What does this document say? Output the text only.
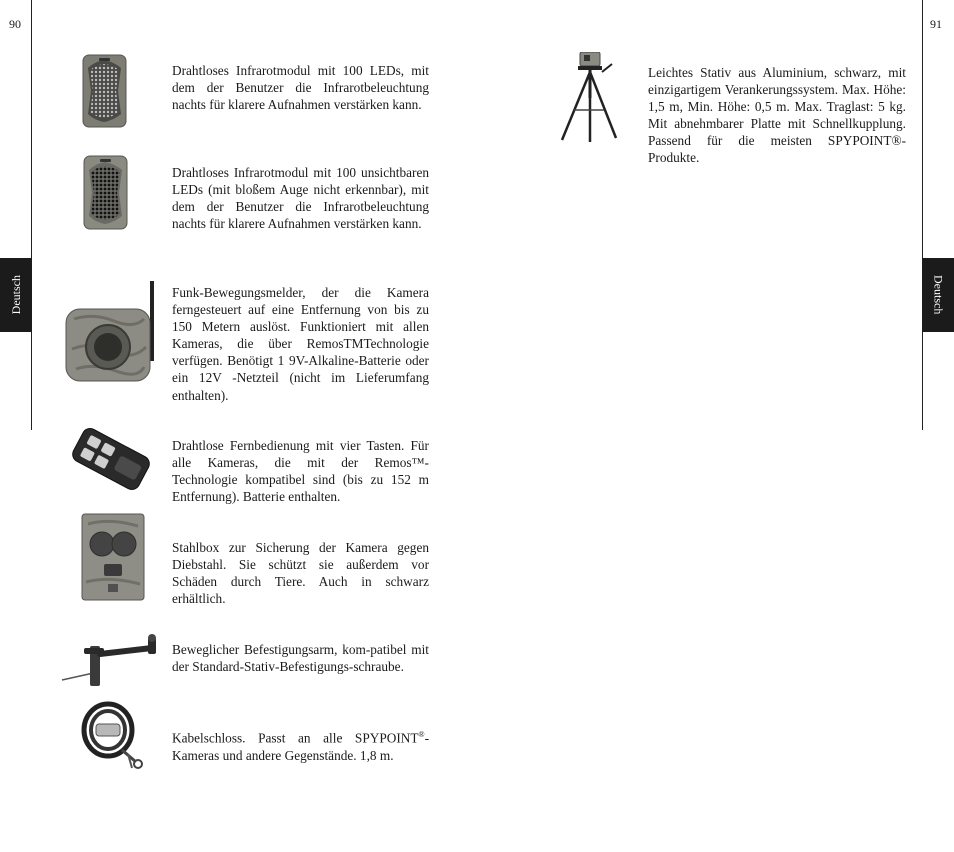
90	91
Deutsch	Deutsch

Drahtloses Infrarotmodul mit 100 LEDs, mit dem der Benutzer die Infrarotbeleuchtung nachts für klarere Aufnahmen verstärken kann.

Drahtloses Infrarotmodul mit 100 unsichtbaren LEDs (mit bloßem Auge nicht erkennbar), mit dem der Benutzer die Infrarotbeleuchtung nachts für klarere Aufnahmen verstärken kann.

Funk-Bewegungsmelder, der die Kamera ferngesteuert auf eine Entfernung von bis zu 150 Metern auslöst. Funktioniert mit allen Kameras, die über RemosTMTechnologie verfügen. Benötigt 1 9V-Alkaline-Batterie oder ein 12V -Netzteil (nicht im Lieferumfang enthalten).

Drahtlose Fernbedienung mit vier Tasten. Für alle Kameras, die mit der Remos™-Technologie kompatibel sind (bis zu 152 m Entfernung). Batterie enthalten.

Stahlbox zur Sicherung der Kamera gegen Diebstahl. Sie schützt sie außerdem vor Schäden durch Tiere. Auch in schwarz erhältlich.

Beweglicher Befestigungsarm, kom-patibel mit der Standard-Stativ-Befestigungs-schraube.

Kabelschloss. Passt an alle SPYPOINT®-Kameras und andere Gegenstände. 1,8 m.

Leichtes Stativ aus Aluminium, schwarz, mit einzigartigem Verankerungssystem. Max. Höhe: 1,5 m, Min. Höhe: 0,5 m. Max. Traglast: 5 kg. Mit abnehmbarer Platte mit Schnellkupplung. Passend für die meisten SPYPOINT®-Produkte.
